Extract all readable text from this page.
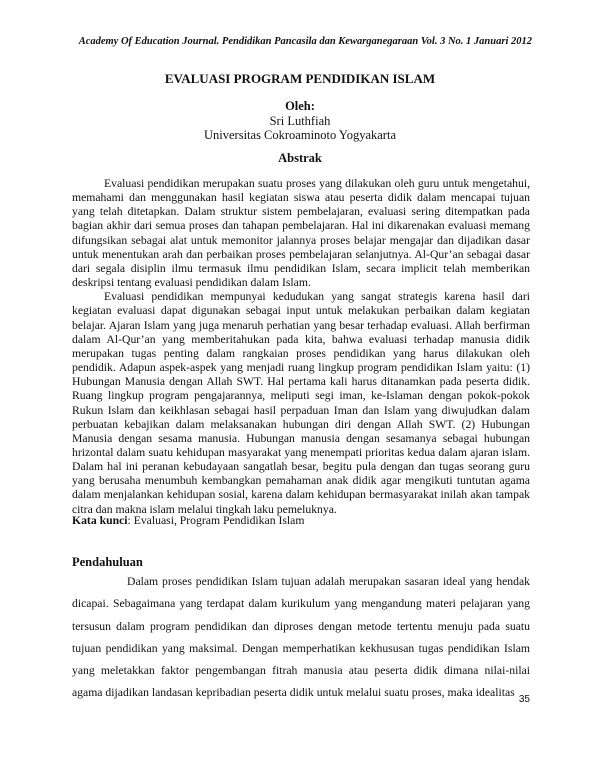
Academy Of Education Journal. Pendidikan Pancasila dan Kewarganegaraan Vol. 3 No. 1 Januari 2012
EVALUASI PROGRAM PENDIDIKAN ISLAM
Oleh:
Sri Luthfiah
Universitas Cokroaminoto Yogyakarta
Abstrak

Evaluasi pendidikan merupakan suatu proses yang dilakukan oleh guru untuk mengetahui, memahami dan menggunakan hasil kegiatan siswa atau peserta didik dalam mencapai tujuan yang telah ditetapkan. Dalam struktur sistem pembelajaran, evaluasi sering ditempatkan pada bagian akhir dari semua proses dan tahapan pembelajaran. Hal ini dikarenakan evaluasi memang difungsikan sebagai alat untuk memonitor jalannya proses belajar mengajar dan dijadikan dasar untuk menentukan arah dan perbaikan proses pembelajaran selanjutnya. Al-Qur’an sebagai dasar dari segala disiplin ilmu termasuk ilmu pendidikan Islam, secara implicit telah memberikan deskripsi tentang evaluasi pendidikan dalam Islam.

Evaluasi pendidikan mempunyai kedudukan yang sangat strategis karena hasil dari kegiatan evaluasi dapat digunakan sebagai input untuk melakukan perbaikan dalam kegiatan belajar. Ajaran Islam yang juga menaruh perhatian yang besar terhadap evaluasi. Allah berfirman dalam Al-Qur’an yang memberitahukan pada kita, bahwa evaluasi terhadap manusia didik merupakan tugas penting dalam rangkaian proses pendidikan yang harus dilakukan oleh pendidik. Adapun aspek-aspek yang menjadi ruang lingkup program pendidikan Islam yaitu: (1) Hubungan Manusia dengan Allah SWT. Hal pertama kali harus ditanamkan pada peserta didik. Ruang lingkup program pengajarannya, meliputi segi iman, ke-Islaman dengan pokok-pokok Rukun Islam dan keikhlasan sebagai hasil perpaduan Iman dan Islam yang diwujudkan dalam perbuatan kebajikan dalam melaksanakan hubungan diri dengan Allah SWT. (2) Hubungan Manusia dengan sesama manusia. Hubungan manusia dengan sesamanya sebagai hubungan hrizontal dalam suatu kehidupan masyarakat yang menempati prioritas kedua dalam ajaran islam. Dalam hal ini peranan kebudayaan sangatlah besar, begitu pula dengan dan tugas seorang guru yang berusaha menumbuh kembangkan pemahaman anak didik agar mengikuti tuntutan agama dalam menjalankan kehidupan sosial, karena dalam kehidupan bermasyarakat inilah akan tampak citra dan makna islam melalui tingkah laku pemeluknya.

Kata kunci: Evaluasi, Program Pendidikan Islam
Pendahuluan

Dalam proses pendidikan Islam tujuan adalah merupakan sasaran ideal yang hendak dicapai. Sebagaimana yang terdapat dalam kurikulum yang mengandung materi pelajaran yang tersusun dalam program pendidikan dan diproses dengan metode tertentu menuju pada suatu tujuan pendidikan yang maksimal. Dengan memperhatikan kekhususan tugas pendidikan Islam yang meletakkan faktor pengembangan fitrah manusia atau peserta didik dimana nilai-nilai agama dijadikan landasan kepribadian peserta didik untuk melalui suatu proses, maka idealitas

35
